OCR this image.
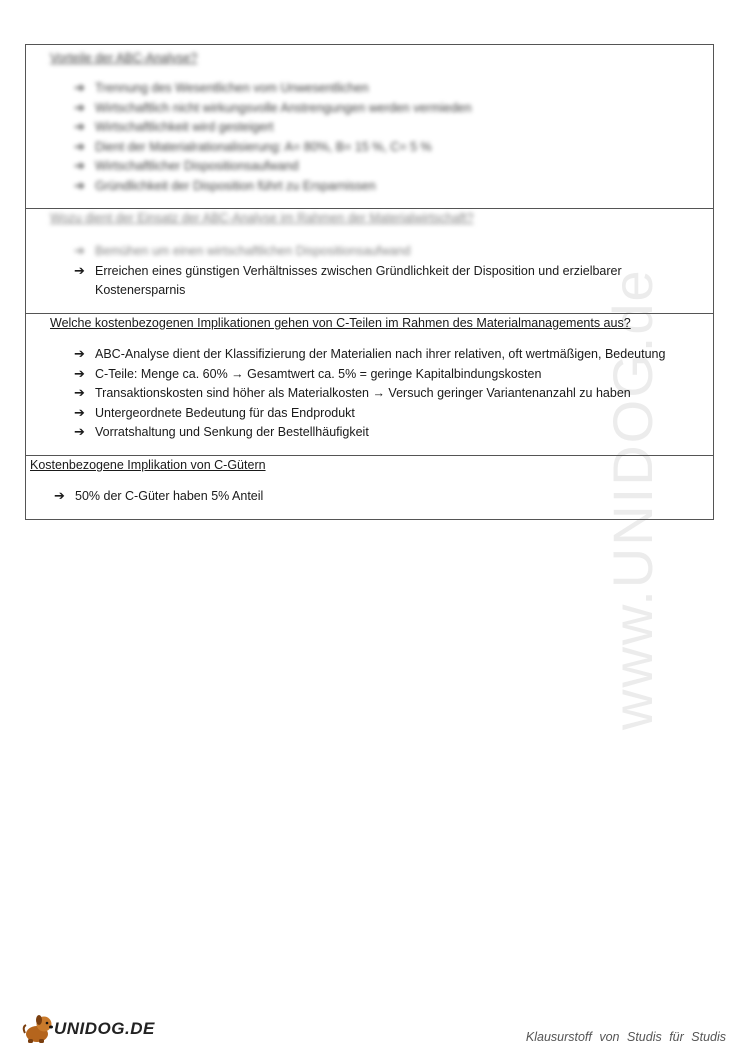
www.UNIDOG.de
Vorteile der ABC-Analyse?
➔ Trennung des Wesentlichen vom Unwesentlichen
➔ Wirtschaftlich nicht wirkungsvolle Anstrengungen werden vermieden
➔ Wirtschaftlichkeit wird gesteigert
➔ Dient der Materialrationalisierung: A= 80%, B= 15 %, C= 5 %
➔ Wirtschaftlicher Dispositionsaufwand
➔ Gründlichkeit der Disposition führt zu Ersparnissen
Wozu dient der Einsatz der ABC-Analyse im Rahmen der Materialwirtschaft?
➔ Bemühen um einen wirtschaftlichen Dispositionsaufwand
➔ Erreichen eines günstigen Verhältnisses zwischen Gründlichkeit der Disposition und erzielbarer
Kostenersparnis
Welche kostenbezogenen Implikationen gehen von C-Teilen im Rahmen des Materialmanagements aus?
➔ ABC-Analyse dient der Klassifizierung der Materialien nach ihrer relativen, oft wertmäßigen, Bedeutung
➔ C-Teile: Menge ca. 60% → Gesamtwert ca. 5% = geringe Kapitalbindungskosten
➔ Transaktionskosten sind höher als Materialkosten → Versuch geringer Variantenanzahl zu haben
➔ Untergeordnete Bedeutung für das Endprodukt
➔ Vorratshaltung und Senkung der Bestellhäufigkeit
Kostenbezogene Implikation von C-Gütern
➔ 50% der C-Güter haben 5% Anteil
UNIDOG.DE	Klausurstoff von Studis für Studis
